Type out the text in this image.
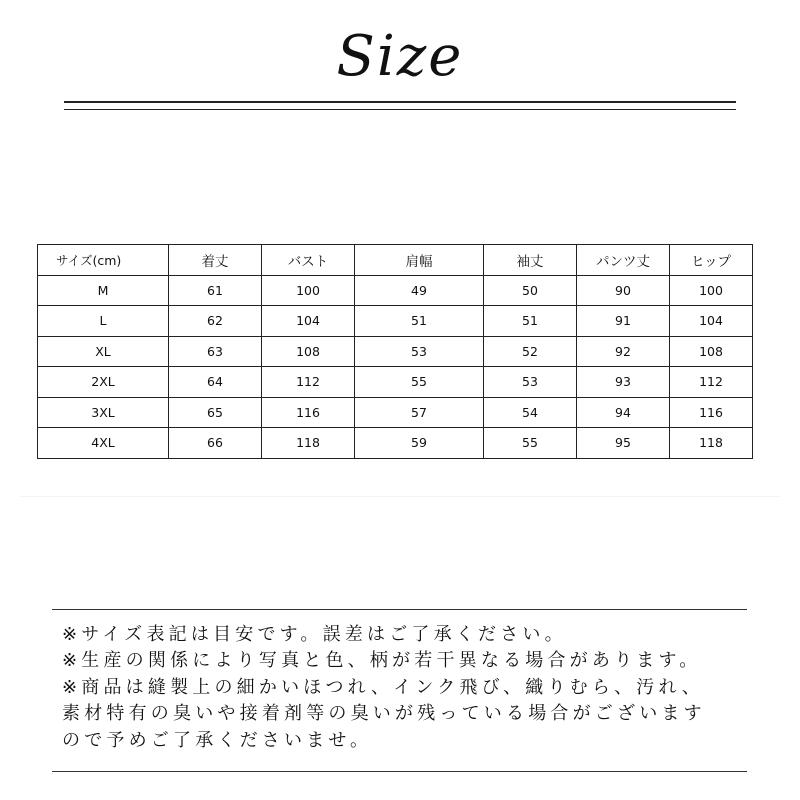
Size
サイズ(cm)	着丈	バスト	肩幅	袖丈	パンツ丈	ヒップ
M	61	100	49	50	90	100
L	62	104	51	51	91	104
XL	63	108	53	52	92	108
2XL	64	112	55	53	93	112
3XL	65	116	57	54	94	116
4XL	66	118	59	55	95	118
※サイズ表記は目安です。誤差はご了承ください。
※生産の関係により写真と色、柄が若干異なる場合があります。
※商品は縫製上の細かいほつれ、インク飛び、織りむら、汚れ、
素材特有の臭いや接着剤等の臭いが残っている場合がございます
ので予めご了承くださいませ。
